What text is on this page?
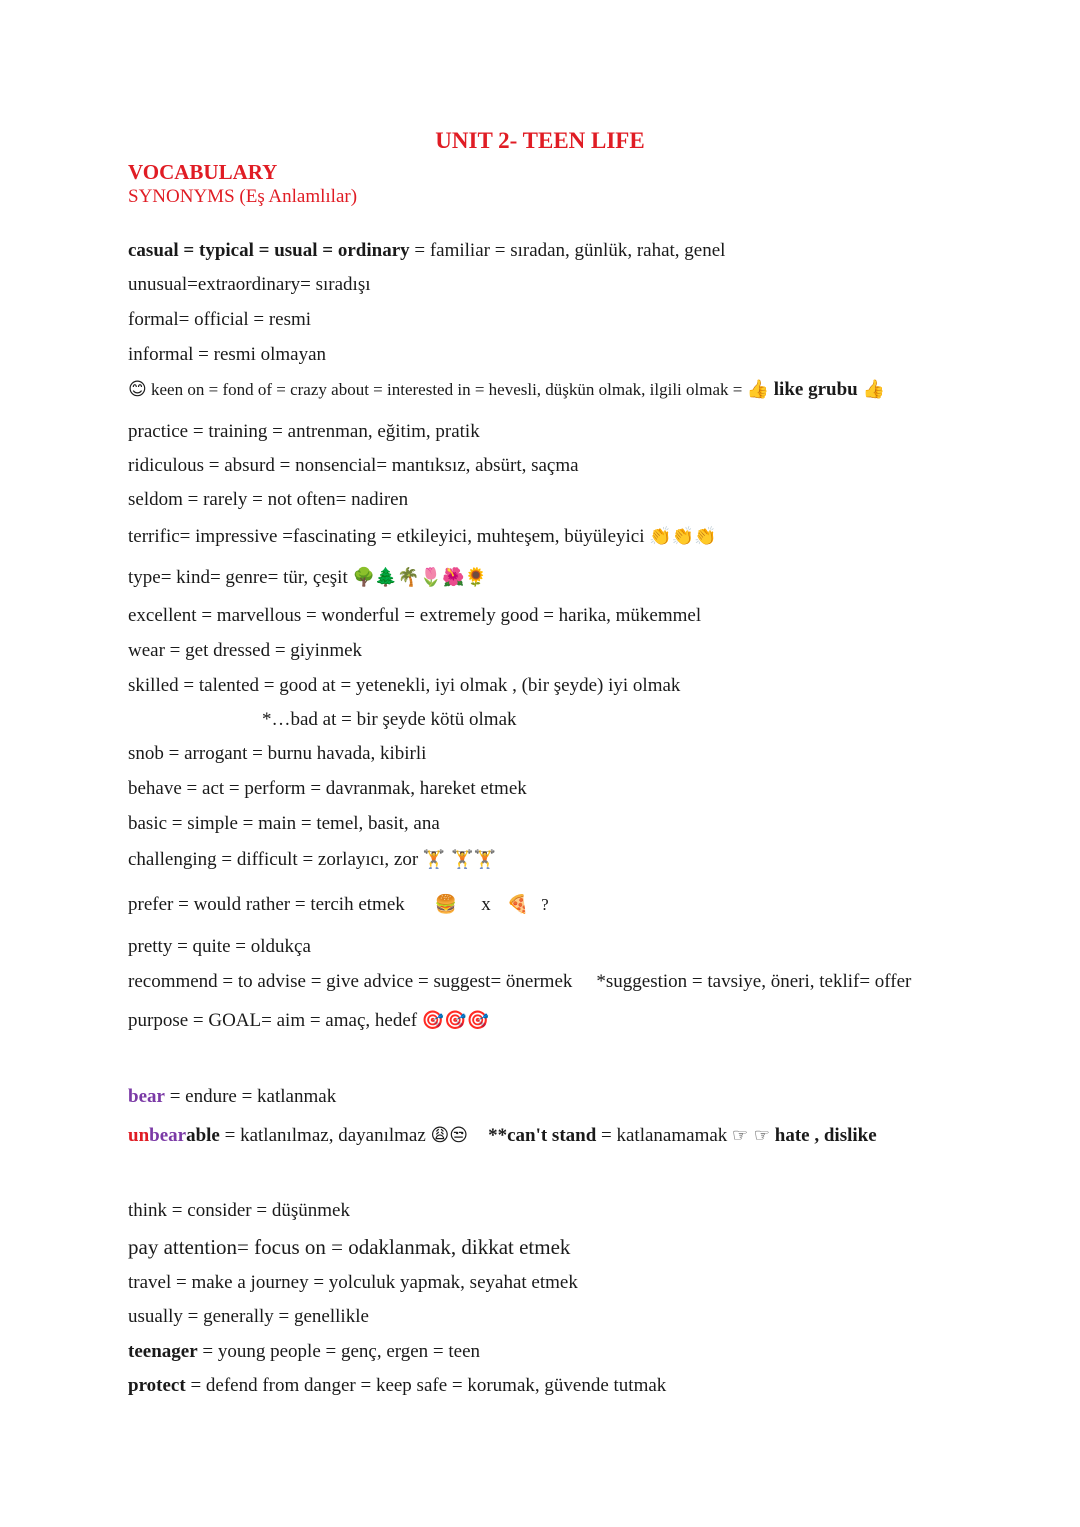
UNIT 2- TEEN LIFE
VOCABULARY
SYNONYMS (Eş Anlamlılar)
casual = typical = usual = ordinary = familiar = sıradan, günlük, rahat, genel
unusual=extraordinary= sıradışı
formal= official = resmi
informal = resmi olmayan
😊 keen on = fond of = crazy about = interested in = hevesli, düşkün olmak, ilgili olmak = 👍 like grubu 👍
practice = training = antrenman, eğitim, pratik
ridiculous = absurd = nonsencial= mantıksız, absürt, saçma
seldom = rarely = not often= nadiren
terrific= impressive =fascinating = etkileyici, muhteşem, büyüleyici 👏👏👏
type= kind= genre= tür, çeşit 🌳🌲🌴🌷🌺🌻
excellent = marvellous = wonderful = extremely good = harika, mükemmel
wear = get dressed = giyinmek
skilled = talented = good at = yetenekli, iyi olmak , (bir şeyde) iyi olmak
*…bad at = bir şeyde kötü olmak
snob = arrogant = burnu havada, kibirli
behave = act = perform = davranmak, hareket etmek
basic = simple = main = temel, basit, ana
challenging = difficult = zorlayıcı, zor 🏋 🏋🏋
prefer = would rather = tercih etmek 🍔 x 🍕 ?
pretty = quite = oldukça
recommend = to advise = give advice = suggest= önermek *suggestion = tavsiye, öneri, teklif= offer
purpose = GOAL= aim = amaç, hedef 🎯🎯🎯
bear = endure = katlanmak
unbearable = katlanılmaz, dayanılmaz 😩😒 **can't stand = katlanamamak ☞ ☞ hate , dislike
think = consider = düşünmek
pay attention= focus on = odaklanmak, dikkat etmek
travel = make a journey = yolculuk yapmak, seyahat etmek
usually = generally = genellikle
teenager = young people = genç, ergen = teen
protect = defend from danger = keep safe = korumak, güvende tutmak
